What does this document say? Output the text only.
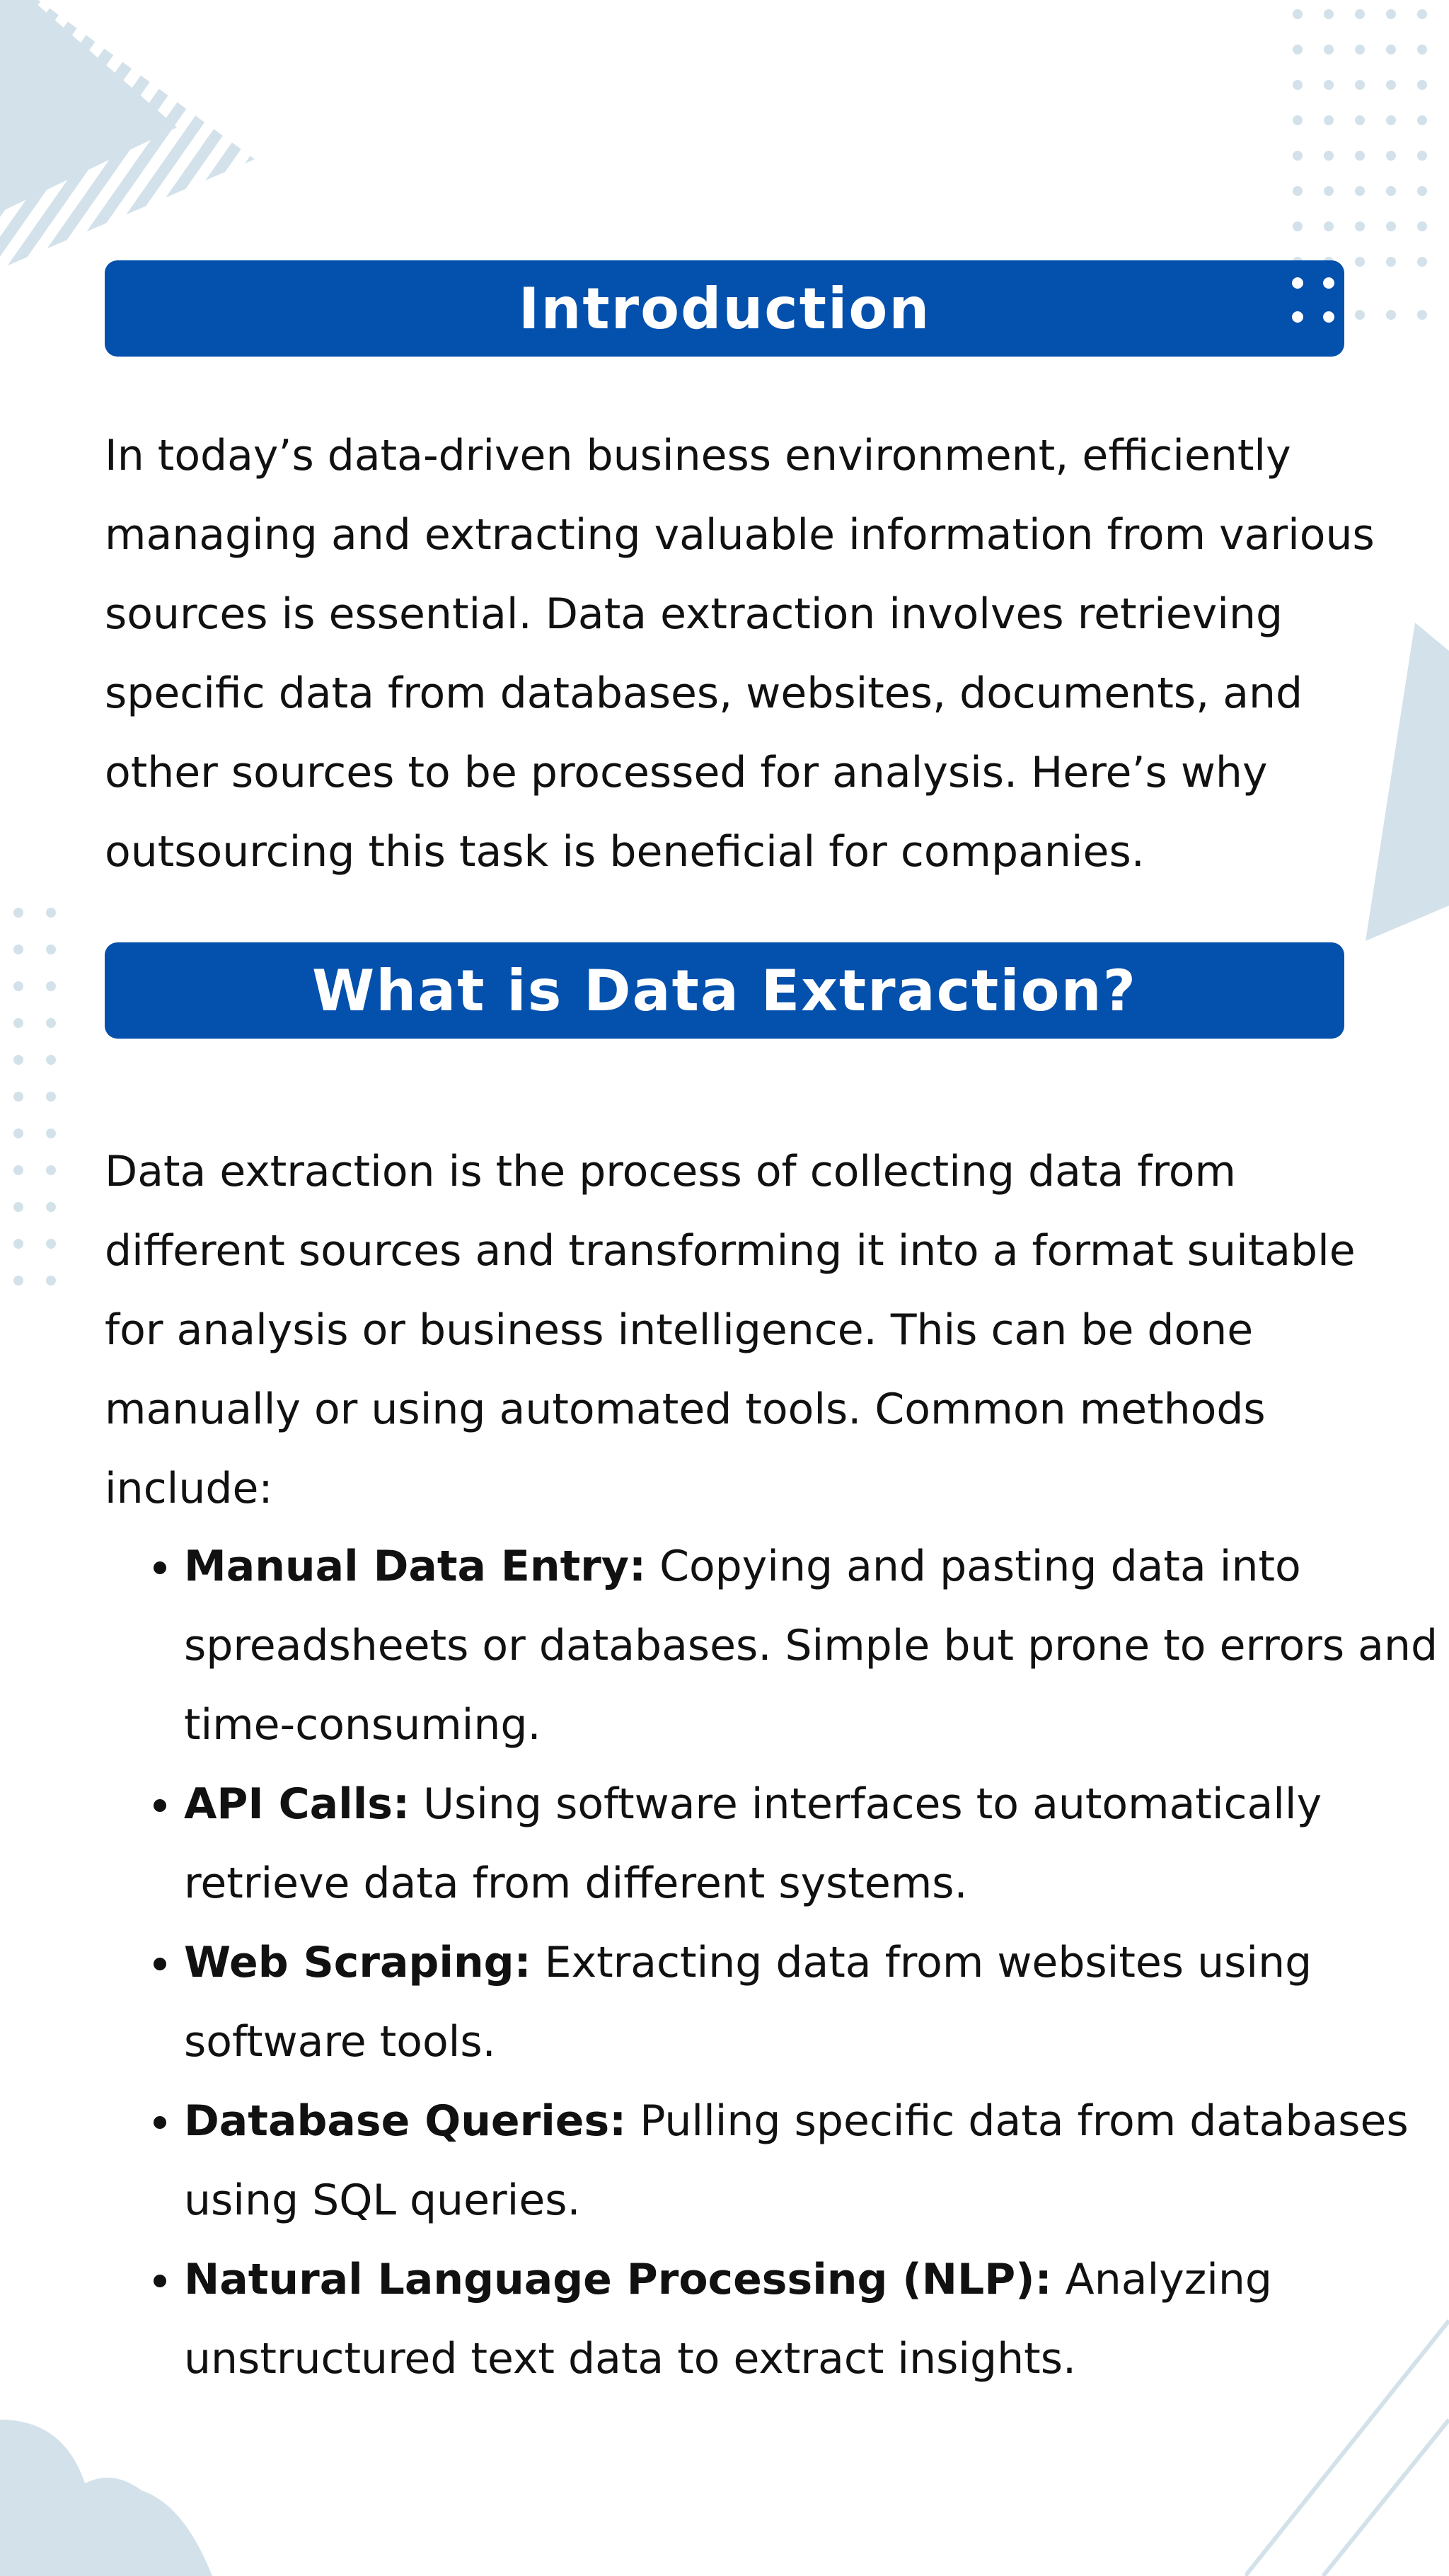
Introduction

In today’s data-driven business environment, efficiently managing and extracting valuable information from various sources is essential. Data extraction involves retrieving specific data from databases, websites, documents, and other sources to be processed for analysis. Here’s why outsourcing this task is beneficial for companies.

What is Data Extraction?

Data extraction is the process of collecting data from different sources and transforming it into a format suitable for analysis or business intelligence. This can be done manually or using automated tools. Common methods include:

• Manual Data Entry: Copying and pasting data into spreadsheets or databases. Simple but prone to errors and time-consuming.
• API Calls: Using software interfaces to automatically retrieve data from different systems.
• Web Scraping: Extracting data from websites using software tools.
• Database Queries: Pulling specific data from databases using SQL queries.
• Natural Language Processing (NLP): Analyzing unstructured text data to extract insights.
